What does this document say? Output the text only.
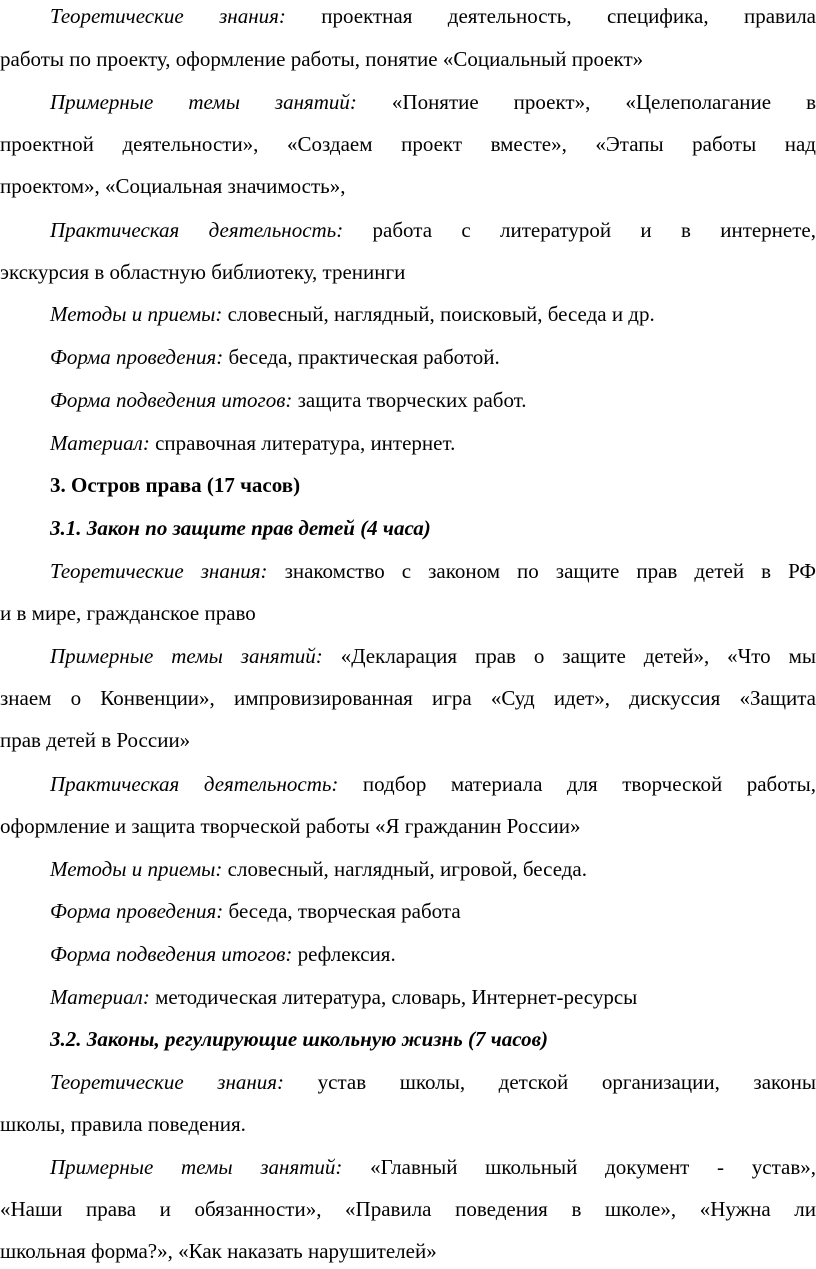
Теоретические знания: проектная деятельность, специфика, правила
работы по проекту, оформление работы, понятие «Социальный проект»
Примерные темы занятий: «Понятие проект», «Целеполагание в
проектной деятельности», «Создаем проект вместе», «Этапы работы над
проектом», «Социальная значимость»,
Практическая деятельность: работа с литературой и в интернете,
экскурсия в областную библиотеку, тренинги
Методы и приемы: словесный, наглядный, поисковый, беседа и др.
Форма проведения: беседа, практическая работой.
Форма подведения итогов: защита творческих работ.
Материал: справочная литература, интернет.
3. Остров права (17 часов)
3.1. Закон по защите прав детей (4 часа)
Теоретические знания: знакомство с законом по защите прав детей в РФ
и в мире, гражданское право
Примерные темы занятий: «Декларация прав о защите детей», «Что мы
знаем о Конвенции», импровизированная игра «Суд идет», дискуссия «Защита
прав детей в России»
Практическая деятельность: подбор материала для творческой работы,
оформление и защита творческой работы «Я гражданин России»
Методы и приемы: словесный, наглядный, игровой, беседа.
Форма проведения: беседа, творческая работа
Форма подведения итогов: рефлексия.
Материал: методическая литература, словарь, Интернет-ресурсы
3.2. Законы, регулирующие школьную жизнь (7 часов)
Теоретические знания: устав школы, детской организации, законы
школы, правила поведения.
Примерные темы занятий: «Главный школьный документ - устав»,
«Наши права и обязанности», «Правила поведения в школе», «Нужна ли
школьная форма?», «Как наказать нарушителей»
